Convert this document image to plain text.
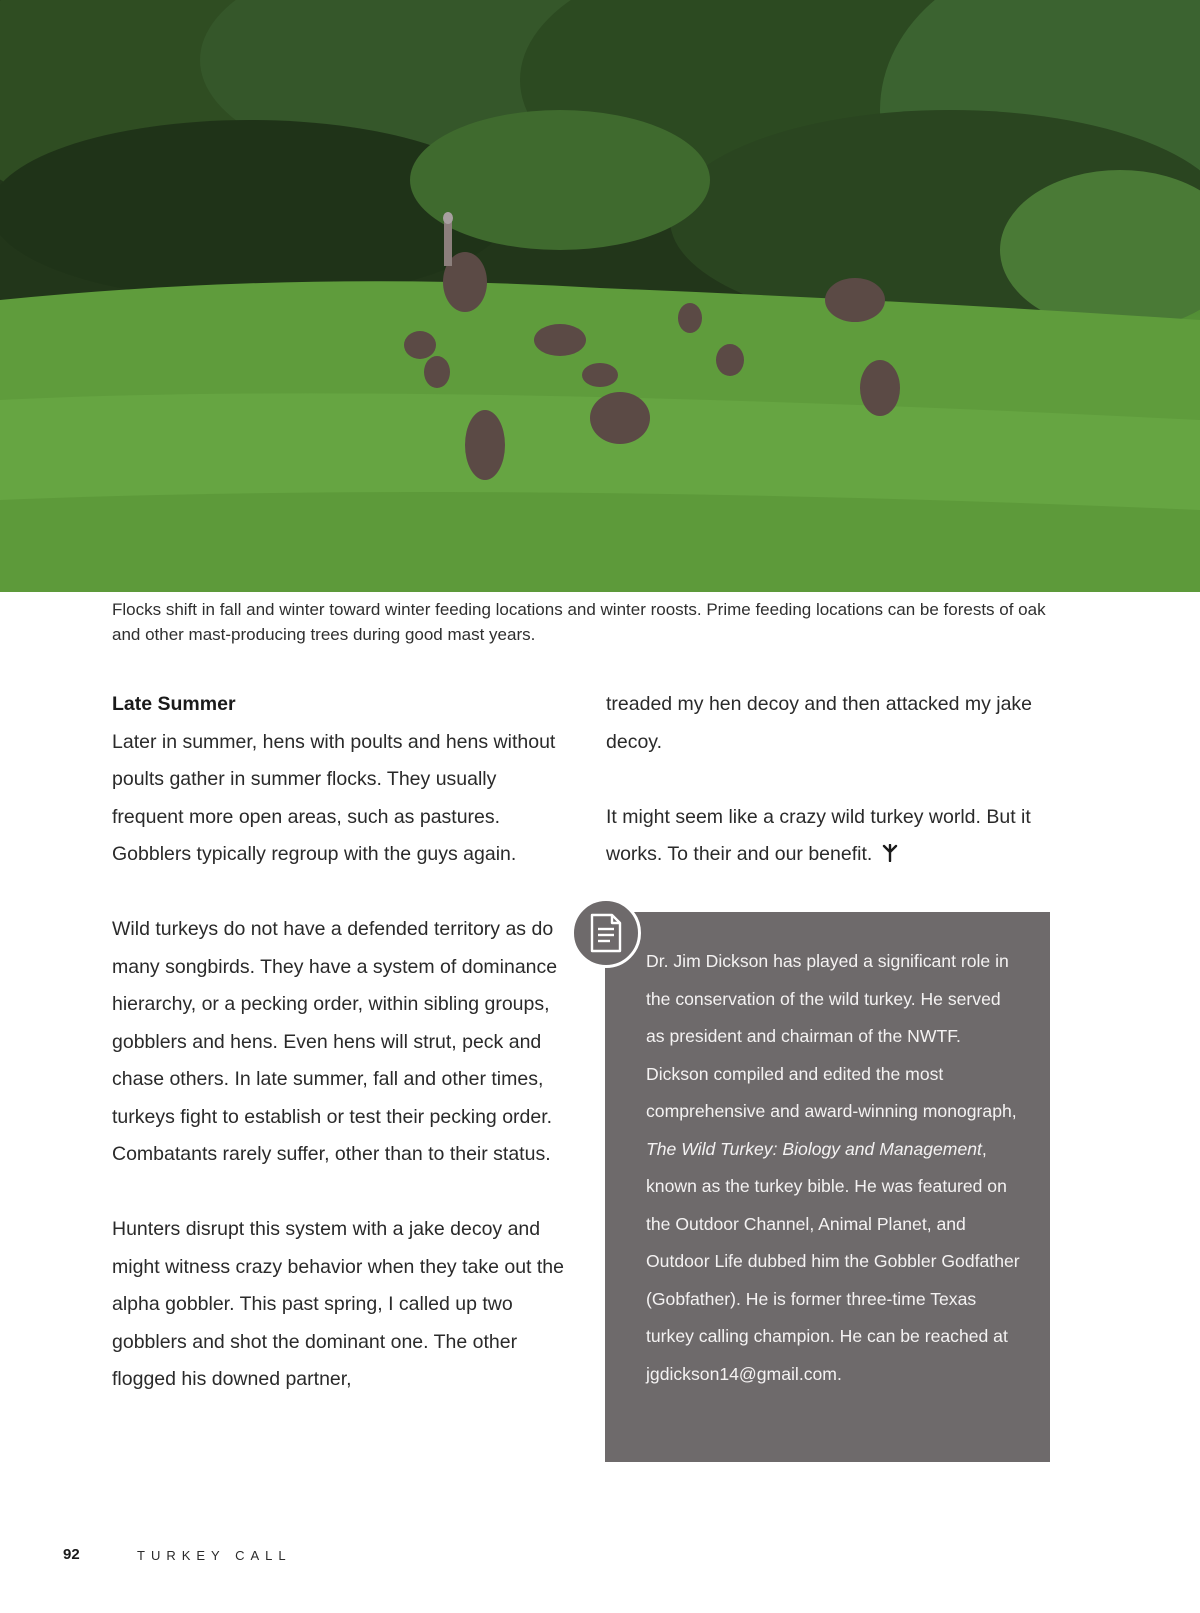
Flocks shift in fall and winter toward winter feeding locations and winter roosts. Prime feeding locations can be forests of oak and other mast-producing trees during good mast years.

Late Summer

Later in summer, hens with poults and hens without poults gather in summer flocks. They usually frequent more open areas, such as pastures. Gobblers typically regroup with the guys again.

Wild turkeys do not have a defended territory as do many songbirds. They have a system of dominance hierarchy, or a pecking order, within sibling groups, gobblers and hens. Even hens will strut, peck and chase others. In late summer, fall and other times, turkeys fight to establish or test their pecking order. Combatants rarely suffer, other than to their status.

Hunters disrupt this system with a jake decoy and might witness crazy behavior when they take out the alpha gobbler. This past spring, I called up two gobblers and shot the dominant one. The other flogged his downed partner,

treaded my hen decoy and then attacked my jake decoy.

It might seem like a crazy wild turkey world. But it works. To their and our benefit.

Dr. Jim Dickson has played a significant role in the conservation of the wild turkey. He served as president and chairman of the NWTF. Dickson compiled and edited the most comprehensive and award-winning monograph, The Wild Turkey: Biology and Management, known as the turkey bible. He was featured on the Outdoor Channel, Animal Planet, and Outdoor Life dubbed him the Gobbler Godfather (Gobfather). He is former three-time Texas turkey calling champion. He can be reached at jgdickson14@gmail.com.

92	TURKEY CALL
